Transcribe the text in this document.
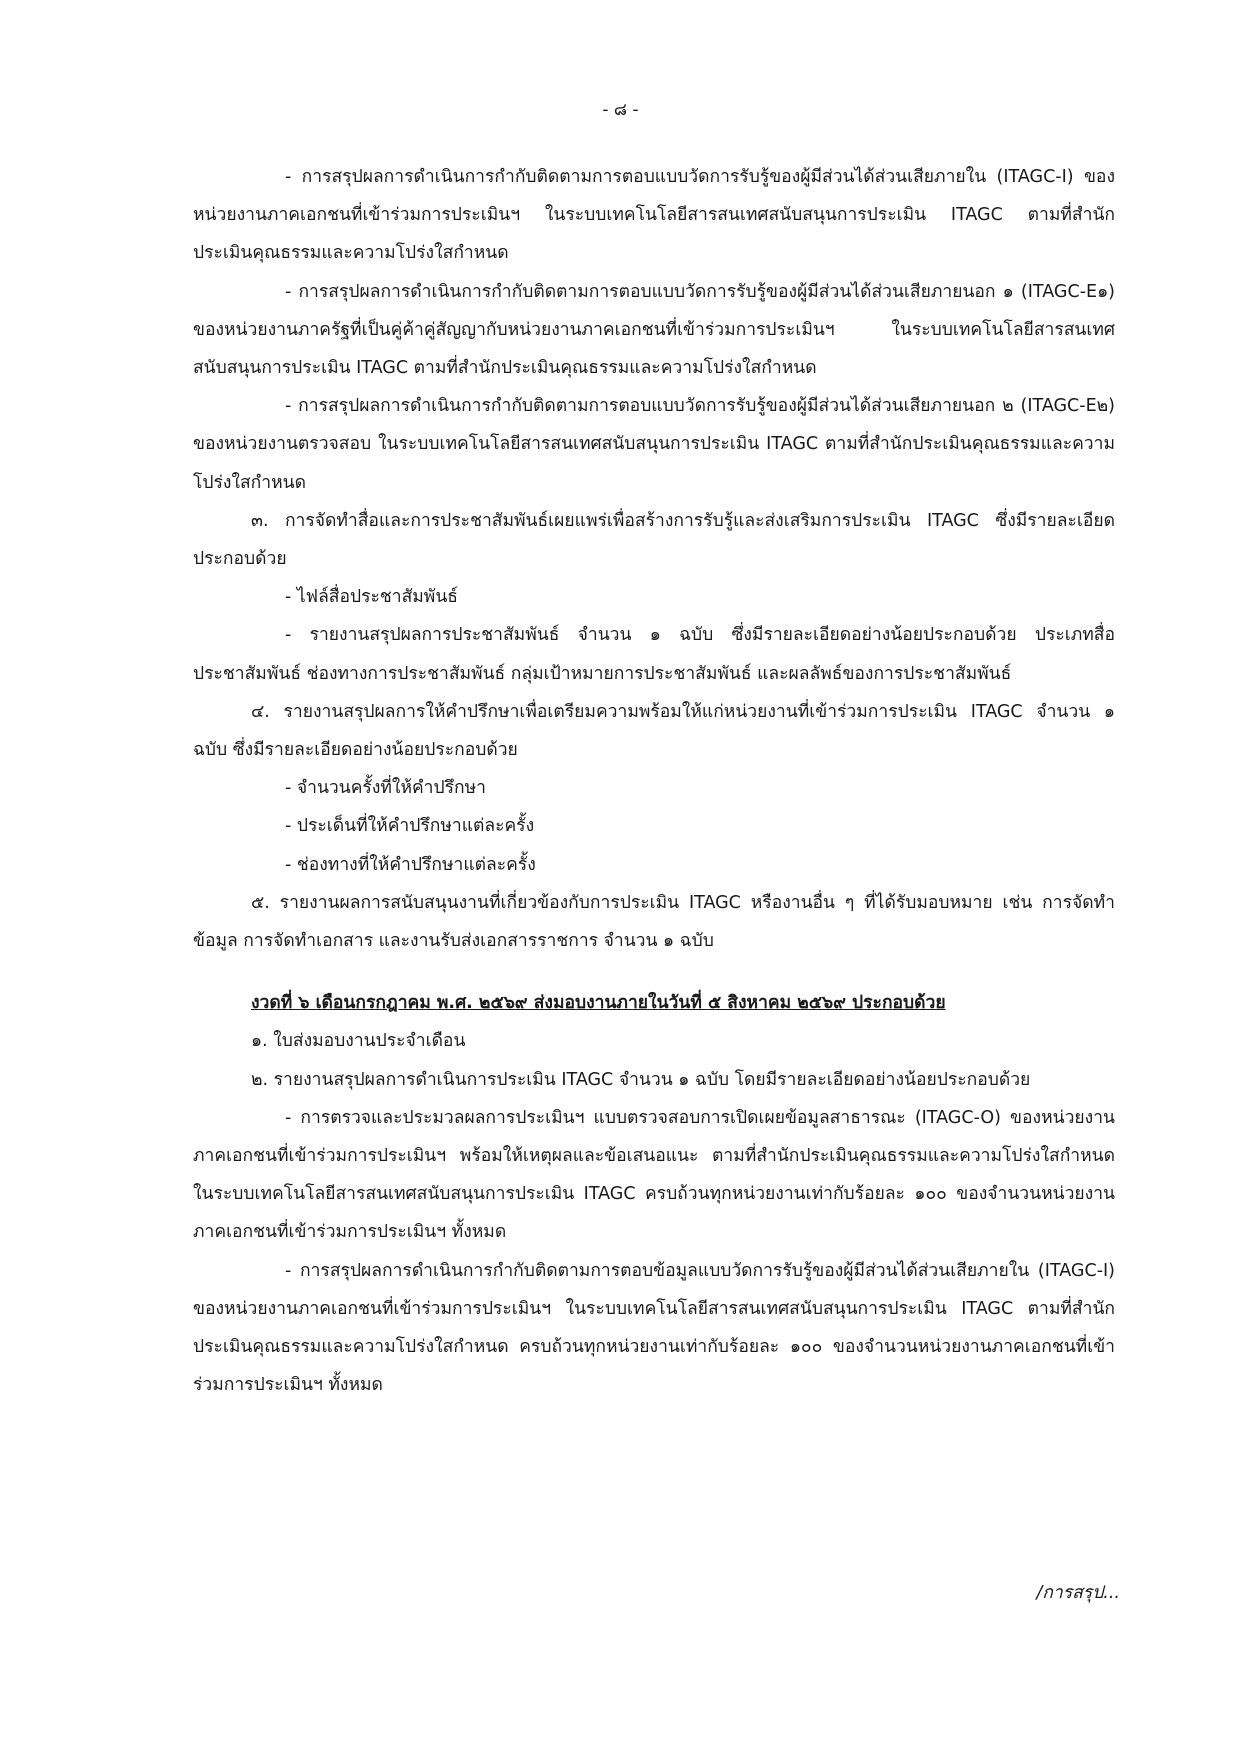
- ๘ -

- การสรุปผลการดำเนินการกำกับติดตามการตอบแบบวัดการรับรู้ของผู้มีส่วนได้ส่วนเสียภายใน (ITAGC-I) ของหน่วยงานภาคเอกชนที่เข้าร่วมการประเมินฯ ในระบบเทคโนโลยีสารสนเทศสนับสนุนการประเมิน ITAGC ตามที่สำนักประเมินคุณธรรมและความโปร่งใสกำหนด

- การสรุปผลการดำเนินการกำกับติดตามการตอบแบบวัดการรับรู้ของผู้มีส่วนได้ส่วนเสียภายนอก ๑ (ITAGC-E๑) ของหน่วยงานภาครัฐที่เป็นคู่ค้าคู่สัญญากับหน่วยงานภาคเอกชนที่เข้าร่วมการประเมินฯ ในระบบเทคโนโลยีสารสนเทศสนับสนุนการประเมิน ITAGC ตามที่สำนักประเมินคุณธรรมและความโปร่งใสกำหนด

- การสรุปผลการดำเนินการกำกับติดตามการตอบแบบวัดการรับรู้ของผู้มีส่วนได้ส่วนเสียภายนอก ๒ (ITAGC-E๒) ของหน่วยงานตรวจสอบ ในระบบเทคโนโลยีสารสนเทศสนับสนุนการประเมิน ITAGC ตามที่สำนักประเมินคุณธรรมและความโปร่งใสกำหนด

๓. การจัดทำสื่อและการประชาสัมพันธ์เผยแพร่เพื่อสร้างการรับรู้และส่งเสริมการประเมิน ITAGC ซึ่งมีรายละเอียดประกอบด้วย

- ไฟล์สื่อประชาสัมพันธ์

- รายงานสรุปผลการประชาสัมพันธ์ จำนวน ๑ ฉบับ ซึ่งมีรายละเอียดอย่างน้อยประกอบด้วย ประเภทสื่อประชาสัมพันธ์ ช่องทางการประชาสัมพันธ์ กลุ่มเป้าหมายการประชาสัมพันธ์ และผลลัพธ์ของการประชาสัมพันธ์

๔. รายงานสรุปผลการให้คำปรึกษาเพื่อเตรียมความพร้อมให้แก่หน่วยงานที่เข้าร่วมการประเมิน ITAGC จำนวน ๑ ฉบับ ซึ่งมีรายละเอียดอย่างน้อยประกอบด้วย

- จำนวนครั้งที่ให้คำปรึกษา

- ประเด็นที่ให้คำปรึกษาแต่ละครั้ง

- ช่องทางที่ให้คำปรึกษาแต่ละครั้ง

๕. รายงานผลการสนับสนุนงานที่เกี่ยวข้องกับการประเมิน ITAGC หรืองานอื่น ๆ ที่ได้รับมอบหมาย เช่น การจัดทำข้อมูล การจัดทำเอกสาร และงานรับส่งเอกสารราชการ จำนวน ๑ ฉบับ

งวดที่ ๖ เดือนกรกฎาคม พ.ศ. ๒๕๖๙ ส่งมอบงานภายในวันที่ ๕ สิงหาคม ๒๕๖๙ ประกอบด้วย

๑. ใบส่งมอบงานประจำเดือน

๒. รายงานสรุปผลการดำเนินการประเมิน ITAGC จำนวน ๑ ฉบับ โดยมีรายละเอียดอย่างน้อยประกอบด้วย

- การตรวจและประมวลผลการประเมินฯ แบบตรวจสอบการเปิดเผยข้อมูลสาธารณะ (ITAGC-O) ของหน่วยงานภาคเอกชนที่เข้าร่วมการประเมินฯ พร้อมให้เหตุผลและข้อเสนอแนะ ตามที่สำนักประเมินคุณธรรมและความโปร่งใสกำหนด ในระบบเทคโนโลยีสารสนเทศสนับสนุนการประเมิน ITAGC ครบถ้วนทุกหน่วยงานเท่ากับร้อยละ ๑๐๐ ของจำนวนหน่วยงานภาคเอกชนที่เข้าร่วมการประเมินฯ ทั้งหมด

- การสรุปผลการดำเนินการกำกับติดตามการตอบข้อมูลแบบวัดการรับรู้ของผู้มีส่วนได้ส่วนเสียภายใน (ITAGC-I) ของหน่วยงานภาคเอกชนที่เข้าร่วมการประเมินฯ ในระบบเทคโนโลยีสารสนเทศสนับสนุนการประเมิน ITAGC ตามที่สำนักประเมินคุณธรรมและความโปร่งใสกำหนด ครบถ้วนทุกหน่วยงานเท่ากับร้อยละ ๑๐๐ ของจำนวนหน่วยงานภาคเอกชนที่เข้าร่วมการประเมินฯ ทั้งหมด

/การสรุป...
